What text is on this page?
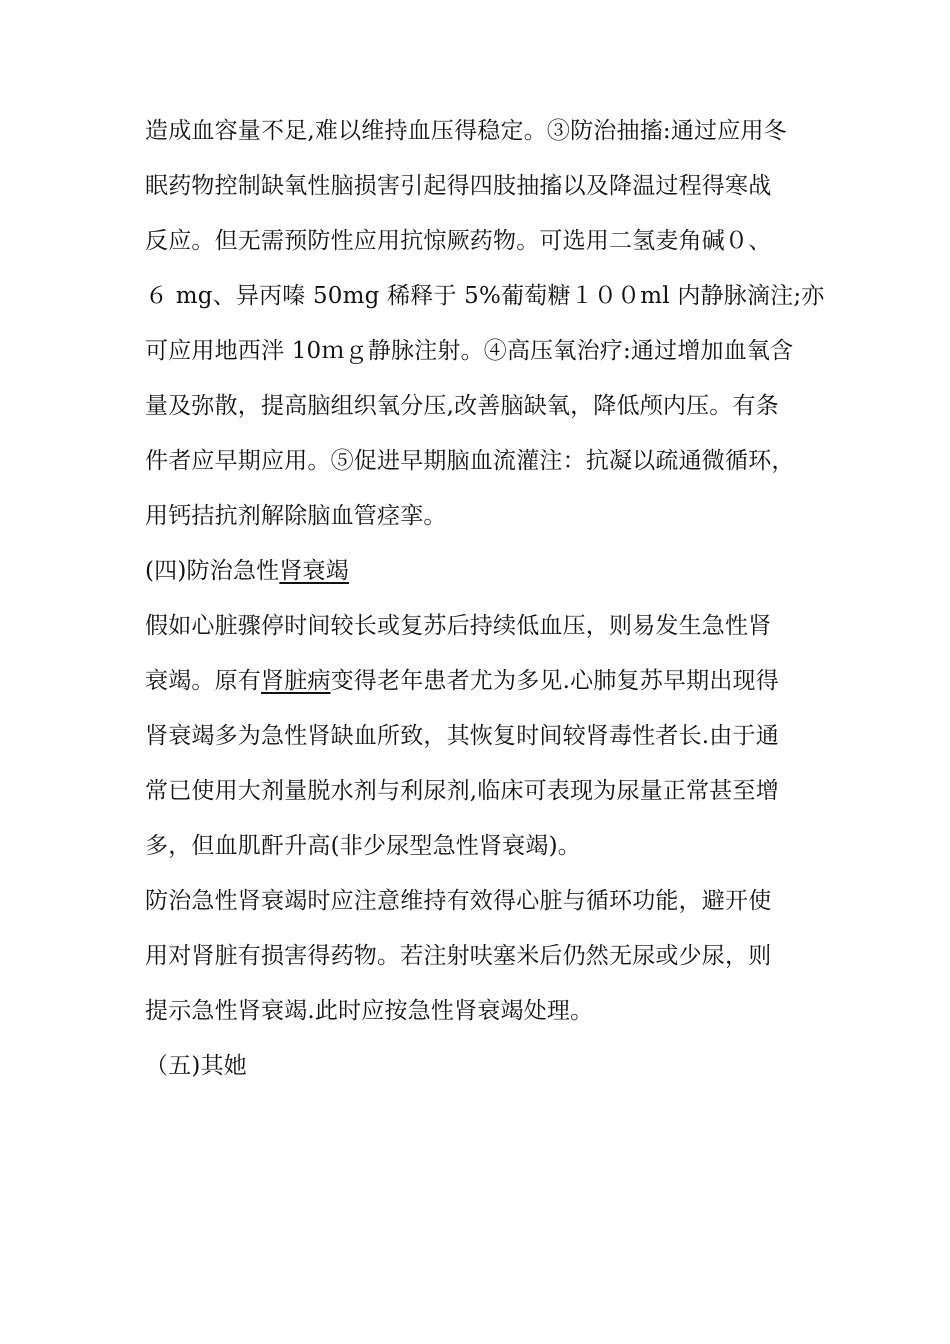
造成血容量不足,难以维持血压得稳定。③防治抽搐:通过应用冬
眠药物控制缺氧性脑损害引起得四肢抽搐以及降温过程得寒战
反应。但无需预防性应用抗惊厥药物。可选用二氢麦角碱０、
６ mg、异丙嗪 50mg 稀释于 5%葡萄糖１００ml 内静脉滴注;亦
可应用地西泮 10ｍｇ静脉注射。④高压氧治疗:通过增加血氧含
量及弥散，提高脑组织氧分压,改善脑缺氧，降低颅内压。有条
件者应早期应用。⑤促进早期脑血流灌注：抗凝以疏通微循环，
用钙拮抗剂解除脑血管痉挛。
(四)防治急性肾衰竭
假如心脏骤停时间较长或复苏后持续低血压，则易发生急性肾
衰竭。原有肾脏病变得老年患者尤为多见.心肺复苏早期出现得
肾衰竭多为急性肾缺血所致，其恢复时间较肾毒性者长.由于通
常已使用大剂量脱水剂与利尿剂,临床可表现为尿量正常甚至增
多，但血肌酐升高(非少尿型急性肾衰竭)。
防治急性肾衰竭时应注意维持有效得心脏与循环功能，避开使
用对肾脏有损害得药物。若注射呋塞米后仍然无尿或少尿，则
提示急性肾衰竭.此时应按急性肾衰竭处理。
（五)其她
